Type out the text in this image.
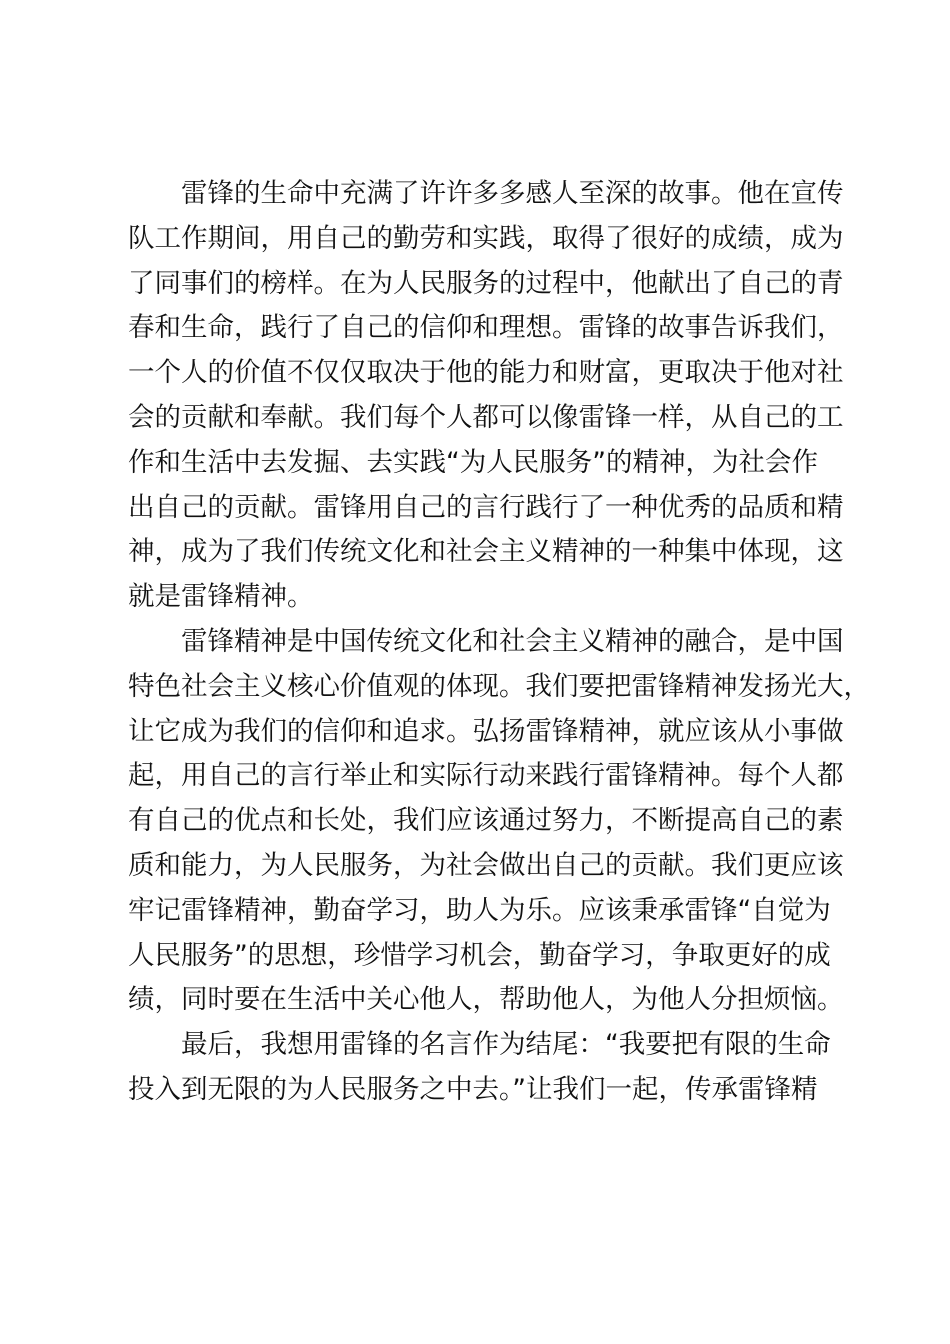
雷锋的生命中充满了许许多多感人至深的故事。他在宣传
队工作期间，用自己的勤劳和实践，取得了很好的成绩，成为
了同事们的榜样。在为人民服务的过程中，他献出了自己的青
春和生命，践行了自己的信仰和理想。雷锋的故事告诉我们，
一个人的价值不仅仅取决于他的能力和财富，更取决于他对社
会的贡献和奉献。我们每个人都可以像雷锋一样，从自己的工
作和生活中去发掘、去实践“为人民服务”的精神，为社会作
出自己的贡献。雷锋用自己的言行践行了一种优秀的品质和精
神，成为了我们传统文化和社会主义精神的一种集中体现，这
就是雷锋精神。
雷锋精神是中国传统文化和社会主义精神的融合，是中国
特色社会主义核心价值观的体现。我们要把雷锋精神发扬光大，
让它成为我们的信仰和追求。弘扬雷锋精神，就应该从小事做
起，用自己的言行举止和实际行动来践行雷锋精神。每个人都
有自己的优点和长处，我们应该通过努力，不断提高自己的素
质和能力，为人民服务，为社会做出自己的贡献。我们更应该
牢记雷锋精神，勤奋学习，助人为乐。应该秉承雷锋“自觉为
人民服务”的思想，珍惜学习机会，勤奋学习，争取更好的成
绩，同时要在生活中关心他人，帮助他人，为他人分担烦恼。
最后，我想用雷锋的名言作为结尾：“我要把有限的生命
投入到无限的为人民服务之中去。”让我们一起，传承雷锋精
